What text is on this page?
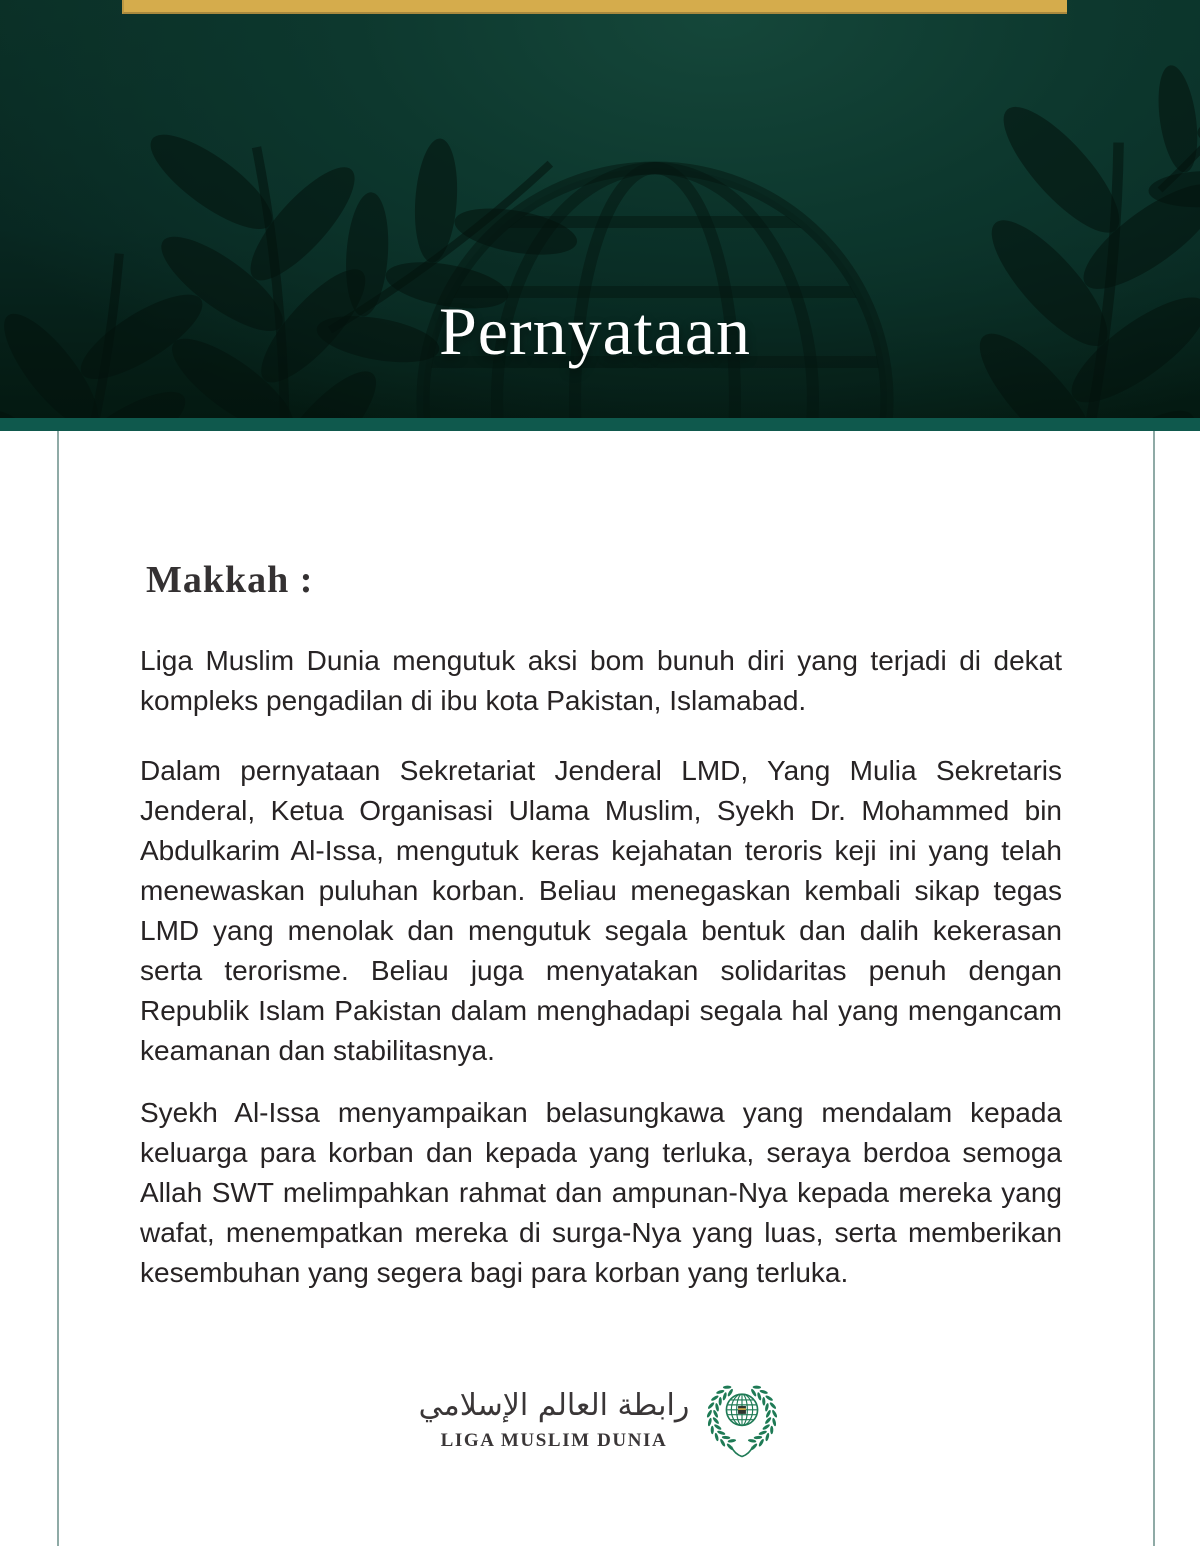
Pernyataan
Makkah :

Liga Muslim Dunia mengutuk aksi bom bunuh diri yang terjadi di dekat kompleks pengadilan di ibu kota Pakistan, Islamabad.

Dalam pernyataan Sekretariat Jenderal LMD, Yang Mulia Sekretaris Jenderal, Ketua Organisasi Ulama Muslim, Syekh Dr. Mohammed bin Abdulkarim Al-Issa, mengutuk keras kejahatan teroris keji ini yang telah menewaskan puluhan korban. Beliau menegaskan kembali sikap tegas LMD yang menolak dan mengutuk segala bentuk dan dalih kekerasan serta terorisme. Beliau juga menyatakan solidaritas penuh dengan Republik Islam Pakistan dalam menghadapi segala hal yang mengancam keamanan dan stabilitasnya.

Syekh Al-Issa menyampaikan belasungkawa yang mendalam kepada keluarga para korban dan kepada yang terluka, seraya berdoa semoga Allah SWT melimpahkan rahmat dan ampunan-Nya kepada mereka yang wafat, menempatkan mereka di surga-Nya yang luas, serta memberikan kesembuhan yang segera bagi para korban yang terluka.

رابطة العالم الإسلامي
LIGA MUSLIM DUNIA
